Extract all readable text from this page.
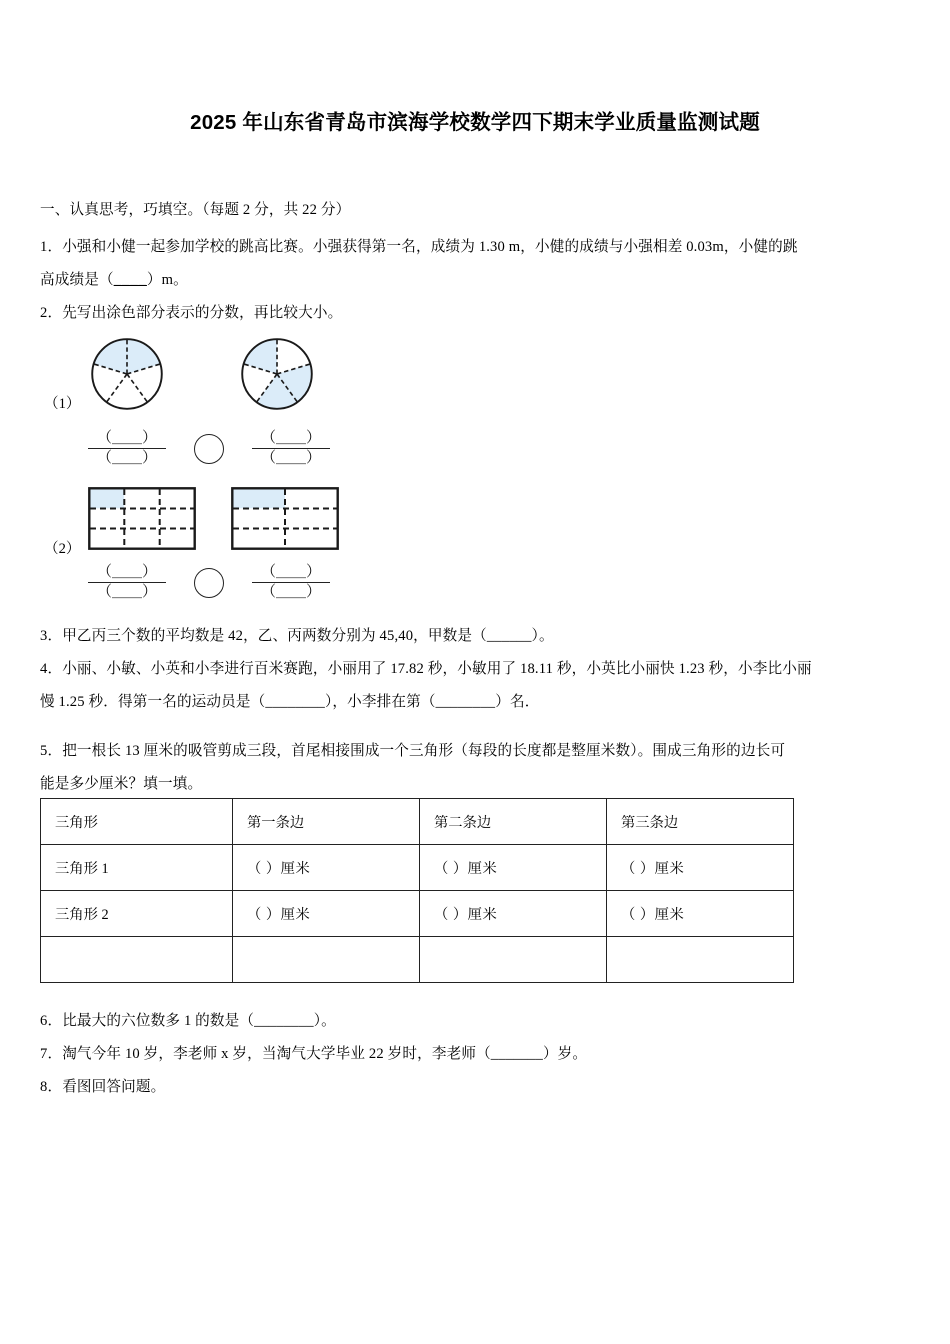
2025 年山东省青岛市滨海学校数学四下期末学业质量监测试题
一、认真思考，巧填空。（每题 2 分，共 22 分）
1．小强和小健一起参加学校的跳高比赛。小强获得第一名，成绩为 1.30 m，小健的成绩与小强相差 0.03m，小健的跳
高成绩是（____）m。
2．先写出涂色部分表示的分数，再比较大小。
（1）
（＿＿）
（＿＿）
（＿＿）
（＿＿）
（2）
（＿＿）
（＿＿）
（＿＿）
（＿＿）
3．甲乙丙三个数的平均数是 42，乙、丙两数分别为 45,40，甲数是（______）。
4．小丽、小敏、小英和小李进行百米赛跑，小丽用了 17.82 秒，小敏用了 18.11 秒，小英比小丽快 1.23 秒，小李比小丽
慢 1.25 秒．得第一名的运动员是（________），小李排在第（________）名．
5．把一根长 13 厘米的吸管剪成三段，首尾相接围成一个三角形（每段的长度都是整厘米数）。围成三角形的边长可
能是多少厘米？填一填。
三角形	第一条边	第二条边	第三条边
三角形 1	（ ）厘米	（ ）厘米	（ ）厘米
三角形 2	（ ）厘米	（ ）厘米	（ ）厘米

6．比最大的六位数多 1 的数是（________）。
7．淘气今年 10 岁，李老师 x 岁，当淘气大学毕业 22 岁时，李老师（_______）岁。
8．看图回答问题。
